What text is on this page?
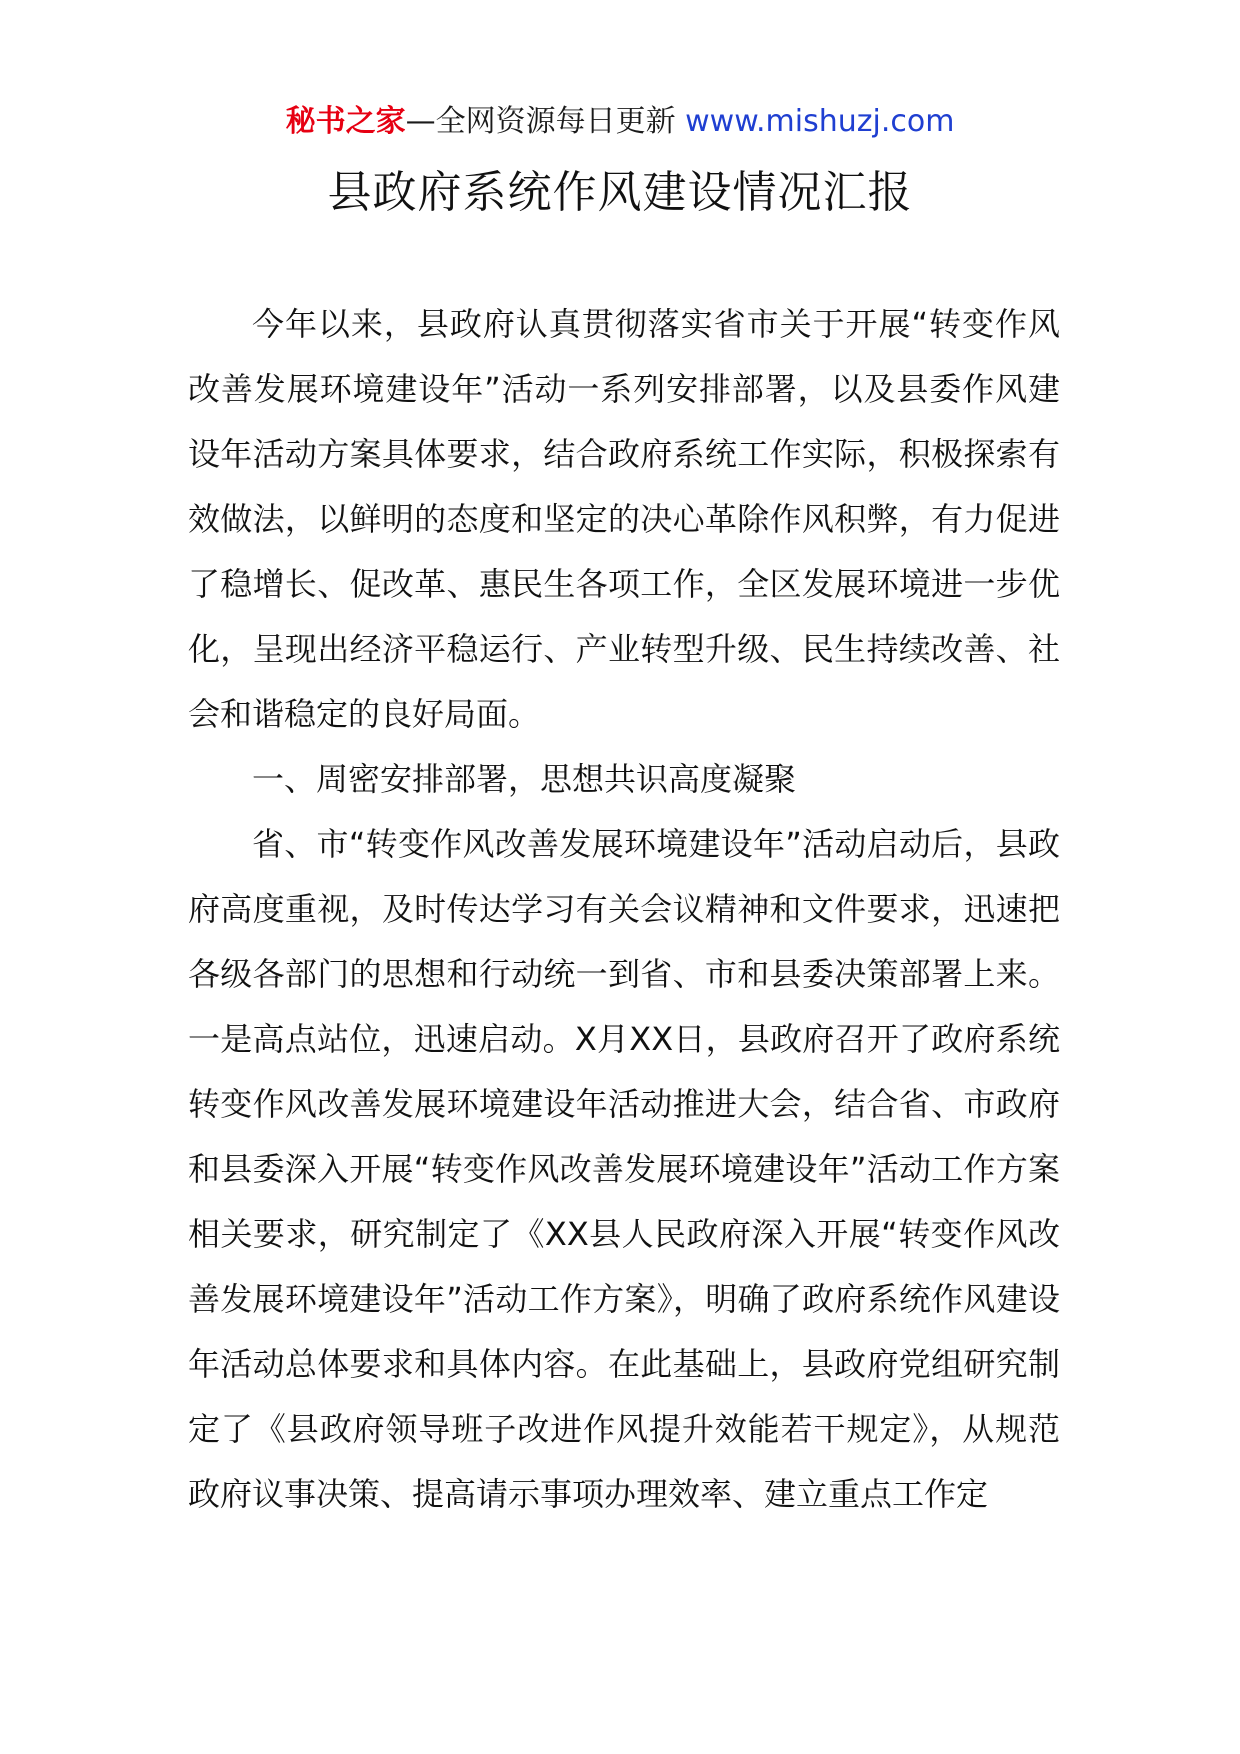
秘书之家—全网资源每日更新 www.mishuzj.com
县政府系统作风建设情况汇报

今年以来，县政府认真贯彻落实省市关于开展“转变作风改善发展环境建设年”活动一系列安排部署，以及县委作风建设年活动方案具体要求，结合政府系统工作实际，积极探索有效做法，以鲜明的态度和坚定的决心革除作风积弊，有力促进了稳增长、促改革、惠民生各项工作，全区发展环境进一步优化，呈现出经济平稳运行、产业转型升级、民生持续改善、社会和谐稳定的良好局面。

一、周密安排部署，思想共识高度凝聚

省、市“转变作风改善发展环境建设年”活动启动后，县政府高度重视，及时传达学习有关会议精神和文件要求，迅速把各级各部门的思想和行动统一到省、市和县委决策部署上来。一是高点站位，迅速启动。X月XX日，县政府召开了政府系统转变作风改善发展环境建设年活动推进大会，结合省、市政府和县委深入开展“转变作风改善发展环境建设年”活动工作方案相关要求，研究制定了《XX县人民政府深入开展“转变作风改善发展环境建设年”活动工作方案》，明确了政府系统作风建设年活动总体要求和具体内容。在此基础上，县政府党组研究制定了《县政府领导班子改进作风提升效能若干规定》，从规范政府议事决策、提高请示事项办理效率、建立重点工作定
